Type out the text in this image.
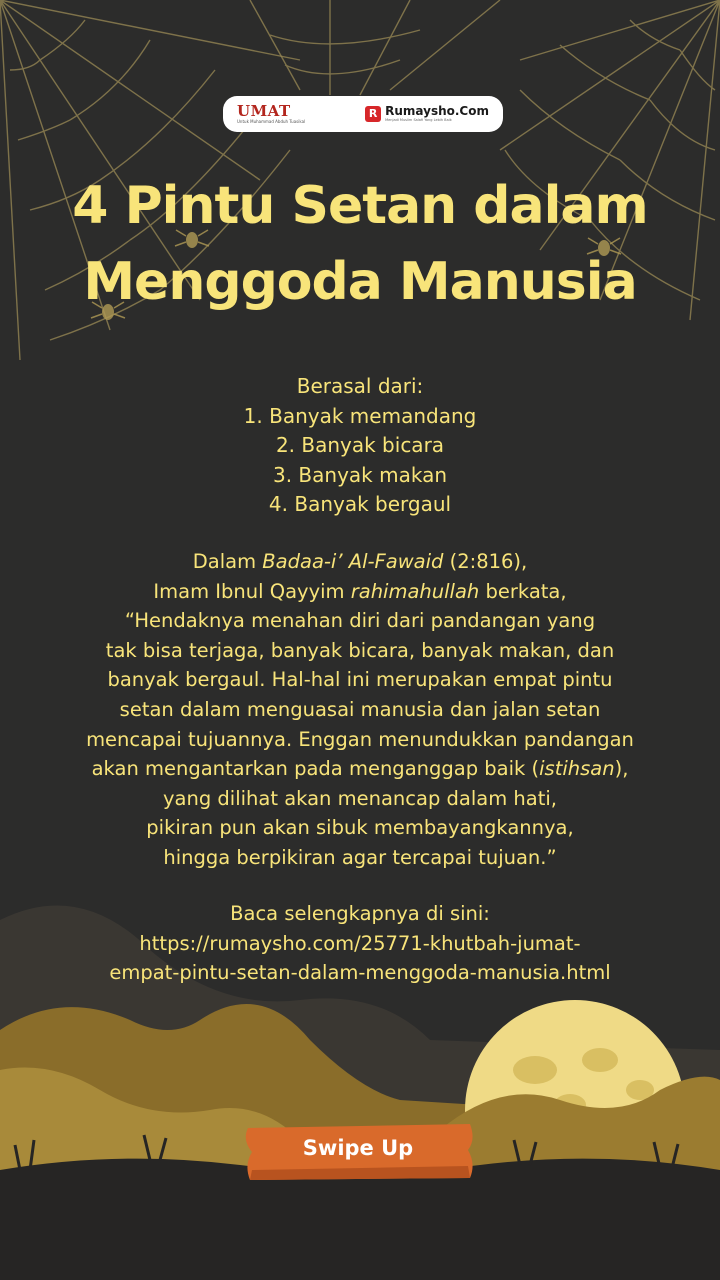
UMAT
Untuk Muhammad Abduh Tuasikal
R Rumaysho.Com
Menjadi Muslim Salafi Yang Lebih Baik
4 Pintu Setan dalam
Menggoda Manusia
Berasal dari:
1. Banyak memandang
2. Banyak bicara
3. Banyak makan
4. Banyak bergaul
Dalam Badaa-i’ Al-Fawaid (2:816),
Imam Ibnul Qayyim rahimahullah berkata,
“Hendaknya menahan diri dari pandangan yang
tak bisa terjaga, banyak bicara, banyak makan, dan
banyak bergaul. Hal-hal ini merupakan empat pintu
setan dalam menguasai manusia dan jalan setan
mencapai tujuannya. Enggan menundukkan pandangan
akan mengantarkan pada menganggap baik (istihsan),
yang dilihat akan menancap dalam hati,
pikiran pun akan sibuk membayangkannya,
hingga berpikiran agar tercapai tujuan.”
Baca selengkapnya di sini:
https://rumaysho.com/25771-khutbah-jumat-
empat-pintu-setan-dalam-menggoda-manusia.html
Swipe Up
